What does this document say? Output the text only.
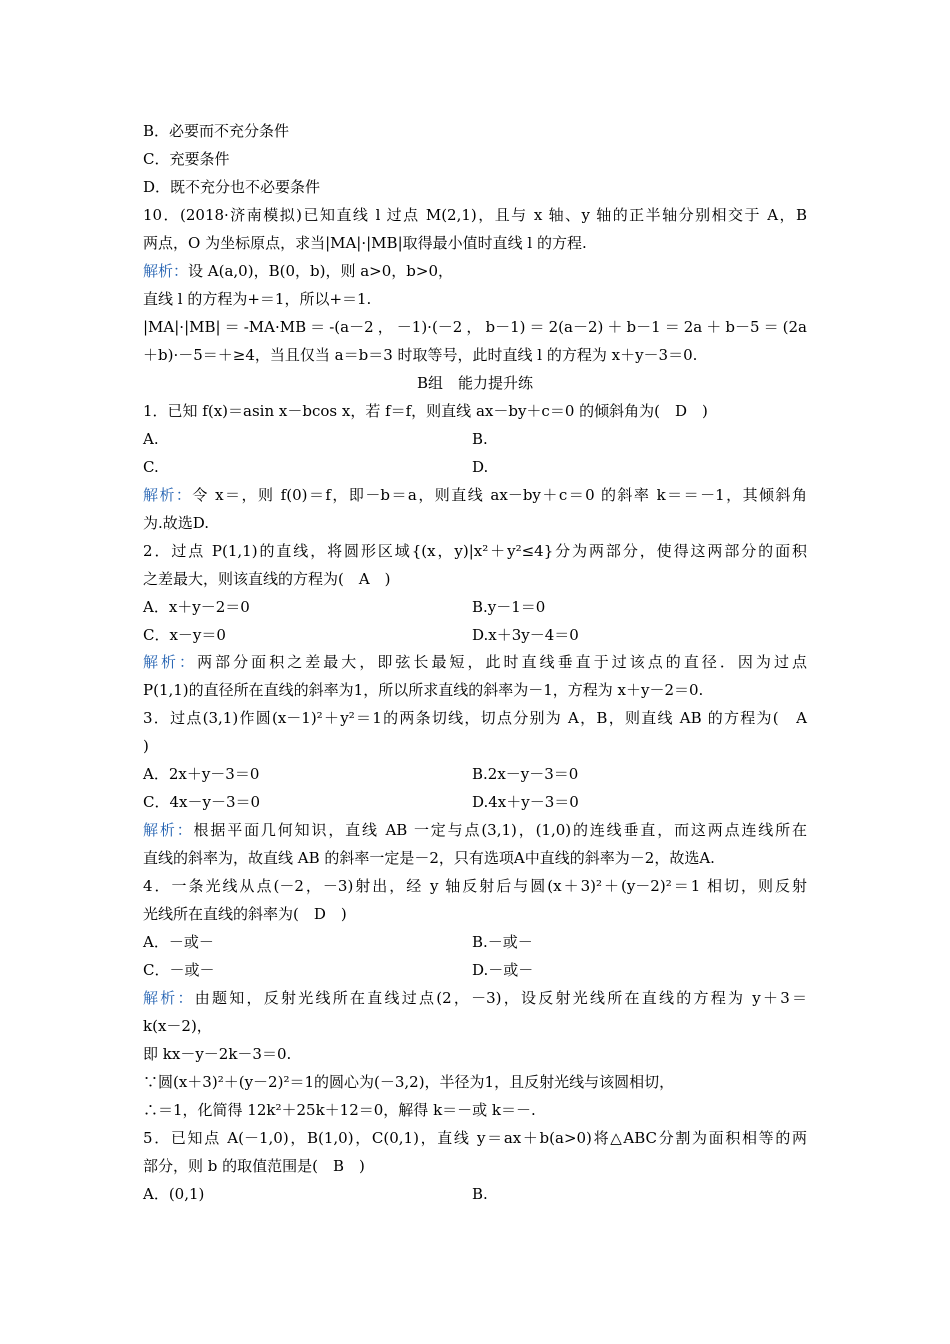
B．必要而不充分条件
C．充要条件
D．既不充分也不必要条件
10．(2018·济南模拟)已知直线 l 过点 M(2,1)，且与 x 轴、y 轴的正半轴分别相交于 A，B
两点，O 为坐标原点，求当|MA|·|MB|取得最小值时直线 l 的方程.
解析：设 A(a,0)，B(0，b)，则 a>0，b>0，
直线 l 的方程为+＝1，所以+＝1.
|MA|·|MB|＝-MA·MB＝-(a－2，－1)·(－2，b－1)＝2(a－2)＋b－1＝2a＋b－5＝(2a
＋b)·－5＝＋≥4，当且仅当 a＝b＝3 时取等号，此时直线 l 的方程为 x＋y－3＝0.
B组　能力提升练
1．已知 f(x)＝asin x－bcos x，若 f＝f，则直线 ax－by＋c＝0 的倾斜角为(　D　)
A.	B.
C.	D.
解析：令 x＝，则 f(0)＝f，即－b＝a，则直线 ax－by＋c＝0 的斜率 k＝＝－1，其倾斜角
为.故选D.
2．过点 P(1,1)的直线，将圆形区域{(x，y)|x²＋y²≤4}分为两部分，使得这两部分的面积
之差最大，则该直线的方程为(　A　)
A．x＋y－2＝0	B.y－1＝0
C．x－y＝0	D.x＋3y－4＝0
解析：两部分面积之差最大，即弦长最短，此时直线垂直于过该点的直径．因为过点
P(1,1)的直径所在直线的斜率为1，所以所求直线的斜率为－1，方程为 x＋y－2＝0.
3．过点(3,1)作圆(x－1)²＋y²＝1的两条切线，切点分别为 A，B，则直线 AB 的方程为(　A
)
A．2x＋y－3＝0	B.2x－y－3＝0
C．4x－y－3＝0	D.4x＋y－3＝0
解析：根据平面几何知识，直线 AB 一定与点(3,1)，(1,0)的连线垂直，而这两点连线所在
直线的斜率为，故直线 AB 的斜率一定是－2，只有选项A中直线的斜率为－2，故选A.
4．一条光线从点(－2，－3)射出，经 y 轴反射后与圆(x＋3)²＋(y－2)²＝1 相切，则反射
光线所在直线的斜率为(　D　)
A．－或－	B.－或－
C．－或－	D.－或－
解析：由题知，反射光线所在直线过点(2，－3)，设反射光线所在直线的方程为 y＋3＝
k(x－2)，
即 kx－y－2k－3＝0.
∵圆(x＋3)²＋(y－2)²＝1的圆心为(－3,2)，半径为1，且反射光线与该圆相切，
∴＝1，化简得 12k²＋25k＋12＝0，解得 k＝－或 k＝－.
5．已知点 A(－1,0)，B(1,0)，C(0,1)，直线 y＝ax＋b(a>0)将△ABC分割为面积相等的两
部分，则 b 的取值范围是(　B　)
A．(0,1)	B.
